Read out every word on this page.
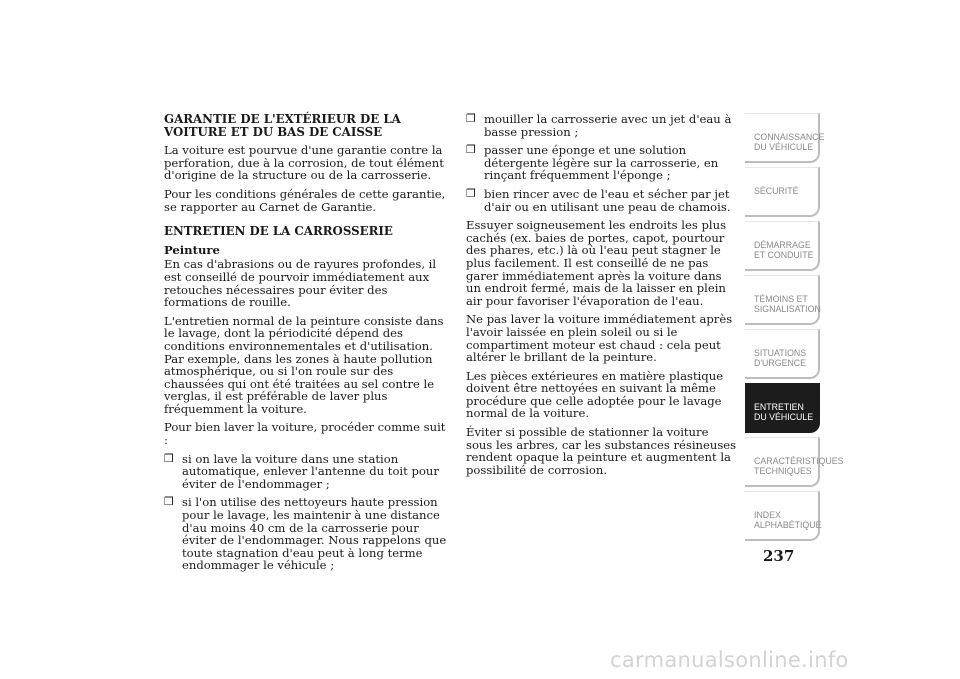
GARANTIE DE L'EXTÉRIEUR DE LA VOITURE ET DU BAS DE CAISSE

La voiture est pourvue d'une garantie contre la perforation, due à la corrosion, de tout élément d'origine de la structure ou de la carrosserie.

Pour les conditions générales de cette garantie, se rapporter au Carnet de Garantie.

ENTRETIEN DE LA CARROSSERIE
Peinture

En cas d'abrasions ou de rayures profondes, il est conseillé de pourvoir immédiatement aux retouches nécessaires pour éviter des formations de rouille.

L'entretien normal de la peinture consiste dans le lavage, dont la périodicité dépend des conditions environnementales et d'utilisation. Par exemple, dans les zones à haute pollution atmosphérique, ou si l'on roule sur des chaussées qui ont été traitées au sel contre le verglas, il est préférable de laver plus fréquemment la voiture.

Pour bien laver la voiture, procéder comme suit :

❒ si on lave la voiture dans une station automatique, enlever l'antenne du toit pour éviter de l'endommager ;
❒ si l'on utilise des nettoyeurs haute pression pour le lavage, les maintenir à une distance d'au moins 40 cm de la carrosserie pour éviter de l'endommager. Nous rappelons que toute stagnation d'eau peut à long terme endommager le véhicule ;
❒ mouiller la carrosserie avec un jet d'eau à basse pression ;
❒ passer une éponge et une solution détergente légère sur la carrosserie, en rinçant fréquemment l'éponge ;
❒ bien rincer avec de l'eau et sécher par jet d'air ou en utilisant une peau de chamois.

Essuyer soigneusement les endroits les plus cachés (ex. baies de portes, capot, pourtour des phares, etc.) là où l'eau peut stagner le plus facilement. Il est conseillé de ne pas garer immédiatement après la voiture dans un endroit fermé, mais de la laisser en plein air pour favoriser l'évaporation de l'eau.

Ne pas laver la voiture immédiatement après l'avoir laissée en plein soleil ou si le compartiment moteur est chaud : cela peut altérer le brillant de la peinture.

Les pièces extérieures en matière plastique doivent être nettoyées en suivant la même procédure que celle adoptée pour le lavage normal de la voiture.

Éviter si possible de stationner la voiture sous les arbres, car les substances résineuses rendent opaque la peinture et augmentent la possibilité de corrosion.

CONNAISSANCE DU VÉHICULE
SÉCURITÉ
DÉMARRAGE ET CONDUITE
TÉMOINS ET SIGNALISATION
SITUATIONS D'URGENCE
ENTRETIEN DU VÉHICULE
CARACTÉRISTIQUES TECHNIQUES
INDEX ALPHABÉTIQUE
237
carmanualsonline.info
